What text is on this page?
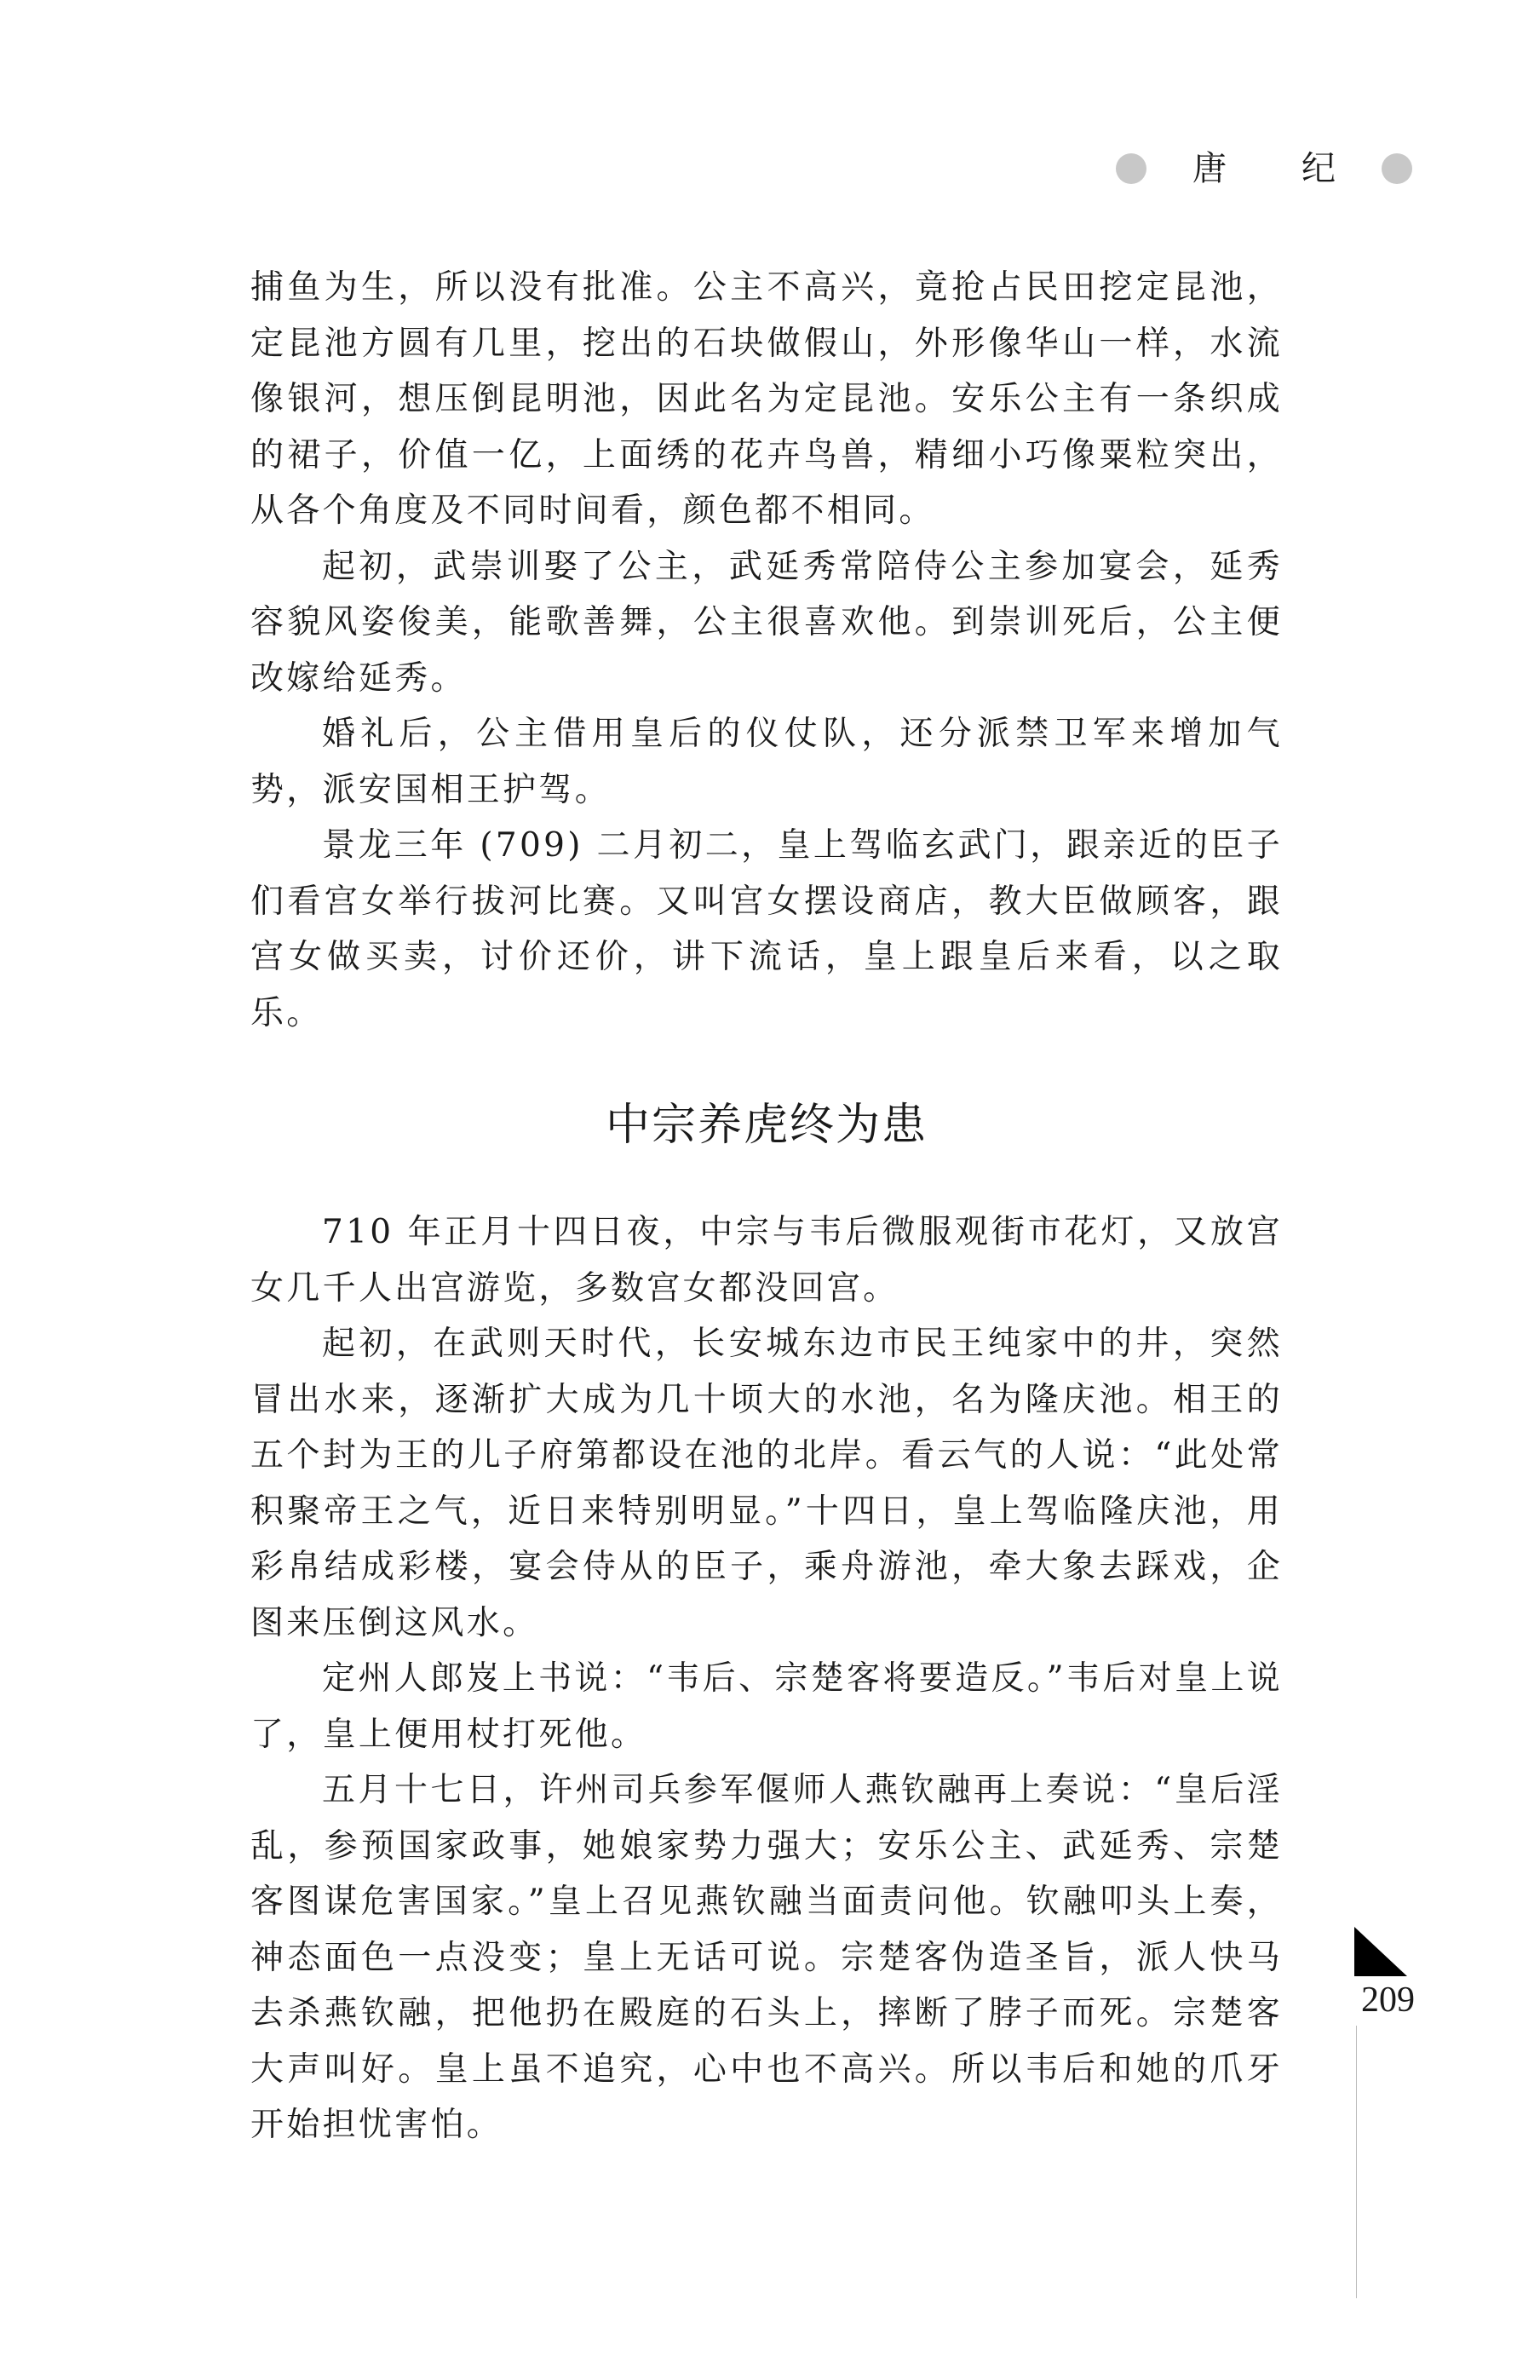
唐 纪

捕鱼为生，所以没有批准。公主不高兴，竟抢占民田挖定昆池，定昆池方圆有几里，挖出的石块做假山，外形像华山一样，水流像银河，想压倒昆明池，因此名为定昆池。安乐公主有一条织成的裙子，价值一亿，上面绣的花卉鸟兽，精细小巧像粟粒突出，从各个角度及不同时间看，颜色都不相同。

起初，武崇训娶了公主，武延秀常陪侍公主参加宴会，延秀容貌风姿俊美，能歌善舞，公主很喜欢他。到崇训死后，公主便改嫁给延秀。

婚礼后，公主借用皇后的仪仗队，还分派禁卫军来增加气势，派安国相王护驾。

景龙三年 (709) 二月初二，皇上驾临玄武门，跟亲近的臣子们看宫女举行拔河比赛。又叫宫女摆设商店，教大臣做顾客，跟宫女做买卖，讨价还价，讲下流话，皇上跟皇后来看，以之取乐。

中宗养虎终为患

710 年正月十四日夜，中宗与韦后微服观街市花灯，又放宫女几千人出宫游览，多数宫女都没回宫。

起初，在武则天时代，长安城东边市民王纯家中的井，突然冒出水来，逐渐扩大成为几十顷大的水池，名为隆庆池。相王的五个封为王的儿子府第都设在池的北岸。看云气的人说：“此处常积聚帝王之气，近日来特别明显。”十四日，皇上驾临隆庆池，用彩帛结成彩楼，宴会侍从的臣子，乘舟游池，牵大象去踩戏，企图来压倒这风水。

定州人郎岌上书说：“韦后、宗楚客将要造反。”韦后对皇上说了，皇上便用杖打死他。

五月十七日，许州司兵参军偃师人燕钦融再上奏说：“皇后淫乱，参预国家政事，她娘家势力强大；安乐公主、武延秀、宗楚客图谋危害国家。”皇上召见燕钦融当面责问他。钦融叩头上奏，神态面色一点没变；皇上无话可说。宗楚客伪造圣旨，派人快马去杀燕钦融，把他扔在殿庭的石头上，摔断了脖子而死。宗楚客大声叫好。皇上虽不追究，心中也不高兴。所以韦后和她的爪牙开始担忧害怕。

209
